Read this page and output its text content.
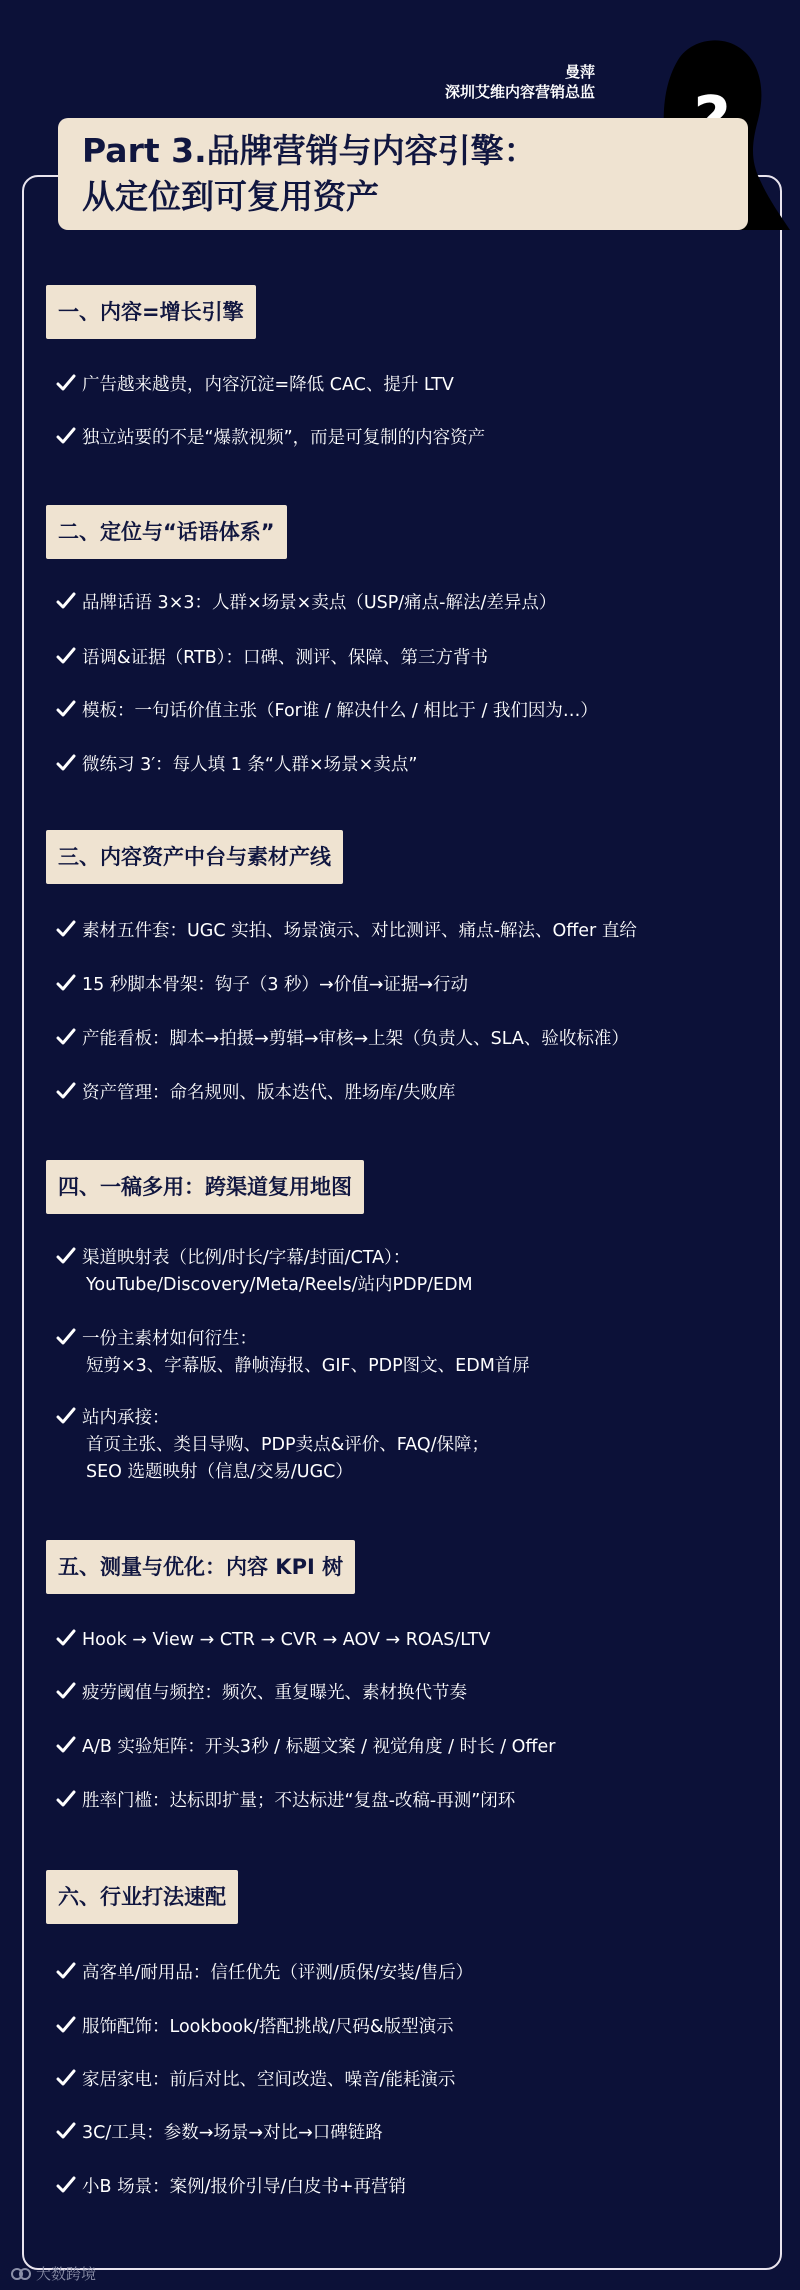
曼萍
深圳艾维内容营销总监
Part 3.品牌营销与内容引擎：
从定位到可复用资产
一、内容=增长引擎
广告越来越贵，内容沉淀=降低 CAC、提升 LTV
独立站要的不是“爆款视频”，而是可复制的内容资产
二、定位与“话语体系”
品牌话语 3×3：人群×场景×卖点（USP/痛点-解法/差异点）
语调&证据（RTB）：口碑、测评、保障、第三方背书
模板：一句话价值主张（For谁 / 解决什么 / 相比于 / 我们因为…）
微练习 3′：每人填 1 条“人群×场景×卖点”
三、内容资产中台与素材产线
素材五件套：UGC 实拍、场景演示、对比测评、痛点-解法、Offer 直给
15 秒脚本骨架：钩子（3 秒）→价值→证据→行动
产能看板：脚本→拍摄→剪辑→审核→上架（负责人、SLA、验收标准）
资产管理：命名规则、版本迭代、胜场库/失败库
四、一稿多用：跨渠道复用地图
渠道映射表（比例/时长/字幕/封面/CTA）：
YouTube/Discovery/Meta/Reels/站内PDP/EDM
一份主素材如何衍生：
短剪×3、字幕版、静帧海报、GIF、PDP图文、EDM首屏
站内承接：
首页主张、类目导购、PDP卖点&评价、FAQ/保障；
SEO 选题映射（信息/交易/UGC）
五、测量与优化：内容 KPI 树
Hook → View → CTR → CVR → AOV → ROAS/LTV
疲劳阈值与频控：频次、重复曝光、素材换代节奏
A/B 实验矩阵：开头3秒 / 标题文案 / 视觉角度 / 时长 / Offer
胜率门槛：达标即扩量；不达标进“复盘-改稿-再测”闭环
六、行业打法速配
高客单/耐用品：信任优先（评测/质保/安装/售后）
服饰配饰：Lookbook/搭配挑战/尺码&版型演示
家居家电：前后对比、空间改造、噪音/能耗演示
3C/工具：参数→场景→对比→口碑链路
小B 场景：案例/报价引导/白皮书+再营销
大数跨境
